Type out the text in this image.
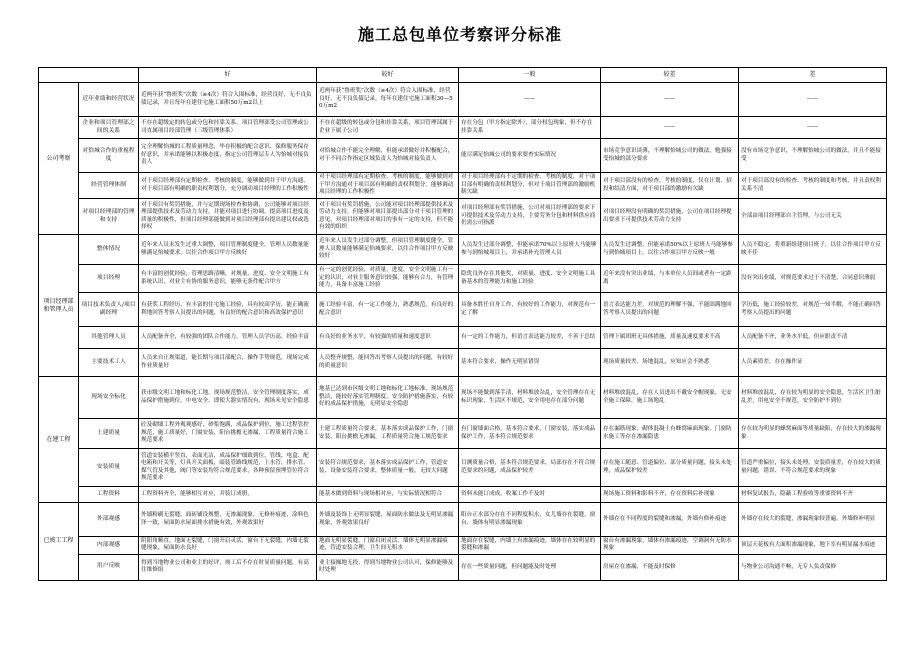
施工总包单位考察评分标准
		好	较好	一般	较差	差
公司考察	近年业绩和经营状况	近两年获“鲁班奖”次数（≥4次）符合入围标准，经营良好，无不良负债记录，并且每年在建住宅施工面积50万m2以上	近两年获“鲁班奖”次数（≥4次）符合入围标准，经营良好，无不良负债记录，每年在建住宅施工面积30—50万m2	——	——	——
	企业和项目管理部之间的关系	不存在超级定的转包或分包和挂靠关系，项目管理部受公司管理或公司直属项目经部管理（三级管理体系）	不存在超级的转包或分包和挂靠关系，项目管理部属于企业下属子公司	存在分包（甲方指定除外），部分权包现象，但不存在挂靠关系	——	——
	对恰城合作的重视程度	完全理解怡城的工程质量理念，毕存积极的配合意识、保修服务保存好意识，并承诺能够以积极态度，指定公司管理层专人为怡城对接负责人	对恰城合作不能完全理解，但能承诺做好并积极配合，对于不同合作指定区域负责人为怡城对接负责人	能尽满足怡城公司的要求要查实际情况	市场竞争意识谈薄，不理解怡城公司的做法，勉强接受怡城的部分要求	没有市场竞争意识，不理解怡城公司的做法，并且不能接受
	经营管理体制	对于项目经理部有定期检查、考核的制度，能够做到并于甲方沟通，对于项目部有明确的职责权利划分，充分调动项目经理的工作积极性	对于项目经理部有定期检查、考核的制度，能够做到对于甲方沟通对于项目部有明确的责权利划分，能够调动项目经理的工作积极性	对于项目经理部有不定期的检查、考核的制度，对于项目部有明确的责权利划分，但对于项目管理部的激励机制欠缺	对于项目部没有的检查、考核的制度，仅在计划、招投和结清方面，对于项目部的激励有欠缺	对于项目部没有的检查、考核的制度和考核，并且责权利关系不清
	对项目经理部的管理和支持	对于项目有奖罚措施，并与定期现场检查和协调，公司能够对项目经理部提供技术及劳动力支持，并能对项目进行协调，提高项目进度及质量的积极性，但项目经理部能做到对项目经理部有提出建议权或选择权	对于项目有奖罚措施，公司能对项目经理部提供技术及劳动力支持，但能够对项目部提出部分对于项目管理的意见，对项目经理部对项目的事有一定的支持，但不能有效的组织	对项目经理部有奖罚措施，公司对项目经理部的要求下可提供技术及劳动力支持，主要劳务分包和材料供应商仍需公司指派	对项目经理没有明确的奖罚措施，公司在项目经理提出要求下可提供技术劳动力支持	全部由项目经理部自主管理，与公司无关
项目经理部和管理人员	整体情况	近年来人员未发生过重大调整，项目管理制度健全，管理人员数量能够满足怡城要求，以往合作项目甲方反映好	近年来人员发生过部分调整，但项目管理制度健全，管理人员数量能够满足怡城要求，以往合作项目甲方反映较好	人员发生过部分调整，但能承诺70%以上原班人马能够参与到怡城项目上，并承诺补充管理人员	人员发生过调整，但能承诺50%以上原班人马能够参与到怡城项目上，以往合作项目甲方反映一般	人员不稳定，将重新组建项目班子，以往合作项目甲方反映不佳
	项目经理	有丰富的创优经验，管理思路清晰，对规量、进度、安全文明施工有系统认识，对业主有协的服务意识，能够无条件配合甲方	有一定的创优经验，对质量、进度、安全文明施工有一定的认识，对业主服务意识较强，能够有合力，有管理能力，具备丰富施工经验	隐优良外存在其他奖，对质量、进度、安全文明施工具备基本的管理能力和施工经验	近年来没有突出业绩，与本单位人员间或者有一定距离	没有突出业绩，对规范要求过于不清楚，合同意识薄弱
	项目技术负责人/项目副经理	有获奖工程经历，有丰富的住宅施工经验，具有较高学历，能正确流利地回答考察人员提出的问题，有良好的配合意识和高效保护意识	施工经验丰富，有一定工作能力，熟悉规范，有良好的配合意识	具备本胜任自身工作，有较好的工作能力，对规范有一定了解	语言表达能力差，对规范的理解不强，不能固满地回答考察人员提出的问题	学历低，施工经验较差，对规范一知半解，不能正确回答考察人员提出的问题
	其他管理人员	人员配备齐全，有较强的团队合作能力，管理人员学历高，经验丰富	有良好的业务水平，有较强的质量和速度意识	有一定的工作能力，但语言表达能力较差，不善于总结	管理下属团班无具体措施，质量及速度要求不高	人员配备不齐，业务水平低，但应职责不清
	主要技术工人	人员来自正规渠道，能长期与项目部配合，操作手势规范，现场完成作业质量好	人员整齐规整，能回答出考察人员提出的问题，有较好的质量意识	基本符合要求，操作无明显错误	现场质量较差，场地混乱，应知应会不熟悉	人员素质差，存在操作证
在建工程	现场安全标化	获市级文明工地和标化工地，现场规范整洁，安全管理制度落实，成品保护措施到位，中电安全，即使大器实情况有，现场未见安全隐患	地基已达到市区级文明工地和标化工地标准，现场规范整洁，能较好落实管理制度，安全防护措施落实，有较好的成品保护措施，无明显安全隐患	现场不能做到落手清，材料堆放杂乱，安全管理存在无标识现象，生活区不规范，安全用电存在部分问题	材料堆放混乱，存在人员进出不戴安全帽现象，无安全施工保障，施工场地乱	材料堆放混乱，存在较为明显的安全隐患，生活区卫生脏乱差，用电安全不规范，安全防护不到位
	土建质量	砼及砌墙工程外观观感好，砂浆饱满，成品保护到位，施工过程管控规范，施工质量好，门窗安装，阳台挑檐无渗漏，工程质量符合施工规范要求	土建工程质量符合要求，基本落实成品保护工作，门窗安装，阳台挑檐无渗漏，工程质量符合施工规范要求	有门窗墙面合格，基本符合要求，门窗安装，落实成品保护工作，基本符合规范要求	存在漏筋现象，砌体混凝土有蜂窝麻面现象，门窗防水施工等存在渗漏隐患	存在较为明显的蜂窝麻面等质量缺陷，存在较大的渗漏现象
	安装质量	管道安装横平竖直，表面光洁，成品保护细致到位，管线、电盒、配电箱和开关等，灯具开关面板，暗装管路线规范，上水管，排水管，煤气管及其他，阀门等安装均符合规范要求，各种预留预埋管位符合规范要求	安装符合规范要求，基本落实成品保护工作，管道安装、设备安装符合要求，整体质量一般，无较大问题	目测质量合格，基本符合规范要求，局部存在不符合规范要求的问题，成品保护较差	存在施工随意、管道偏位、部分质量问题，接头未处理，成品保护较差	管道严重偏位，接头未处理，安装质量差，存在较大的质量问题，错误、不符合规范要求的现象
	工程资料	工程资料齐全，能够相互对应，并装订成册，	能基本做到资料与现场相对应，与实际情况相符合	资料未能订成成，收案工作不及时	现场施工资料和影料不齐，存在资料后补现象	材料复试报告，隐蔽工程验收等重要资料不齐
已竣工工程	外部观感	外墙粉刷无裂缝，面砖铺设规整，无渗漏现象，无修补痕迹，涂料色泽一致，屋面防水屋面排水措施有效，外观效果好	外墙及装饰上无明显裂缝，屋面防水做法及无明显渗漏现象，外观效果良好	阳台正水部分存在不同程度积水，女儿墙存在裂缝，窗台、墙体有明显渗漏现象	外墙存在不同程度的裂缝和渗漏，外墙有修补痕迹	外墙存在较大的裂缝，渗漏现象较普遍，外墙修补明显
	内部观感	阴阳角顺直，地面无裂缝，门窗开启灵活，窗台下无裂缝，内墙无裂缝现象，屋面防水良好	地面无明显裂缝，门窗启闭灵活，墙体无明显渗漏痕迹，管道安装合理，卫生间无积水	地面存在裂缝，内墙上有渗漏痕迹，墙体存在较明显的裂缝和渗漏	窗台有渗漏现象，墙体有渗漏痕迹，空调洞有无防水现象	顶层天花板有大面积渗漏现象，地下室有明显漏水痕迹
	用户反映	得到当地物业公司和业主的好评，竣工后不存在时显质量问题，有高住维修组	业主接操地无投，得到当地物业公司认可，保修能够及时处理	存在一些质量问题，但问题能及时处理	房屋存在渗漏，不能及时保修	与物业公司沟通不畅，无专人负责保修
